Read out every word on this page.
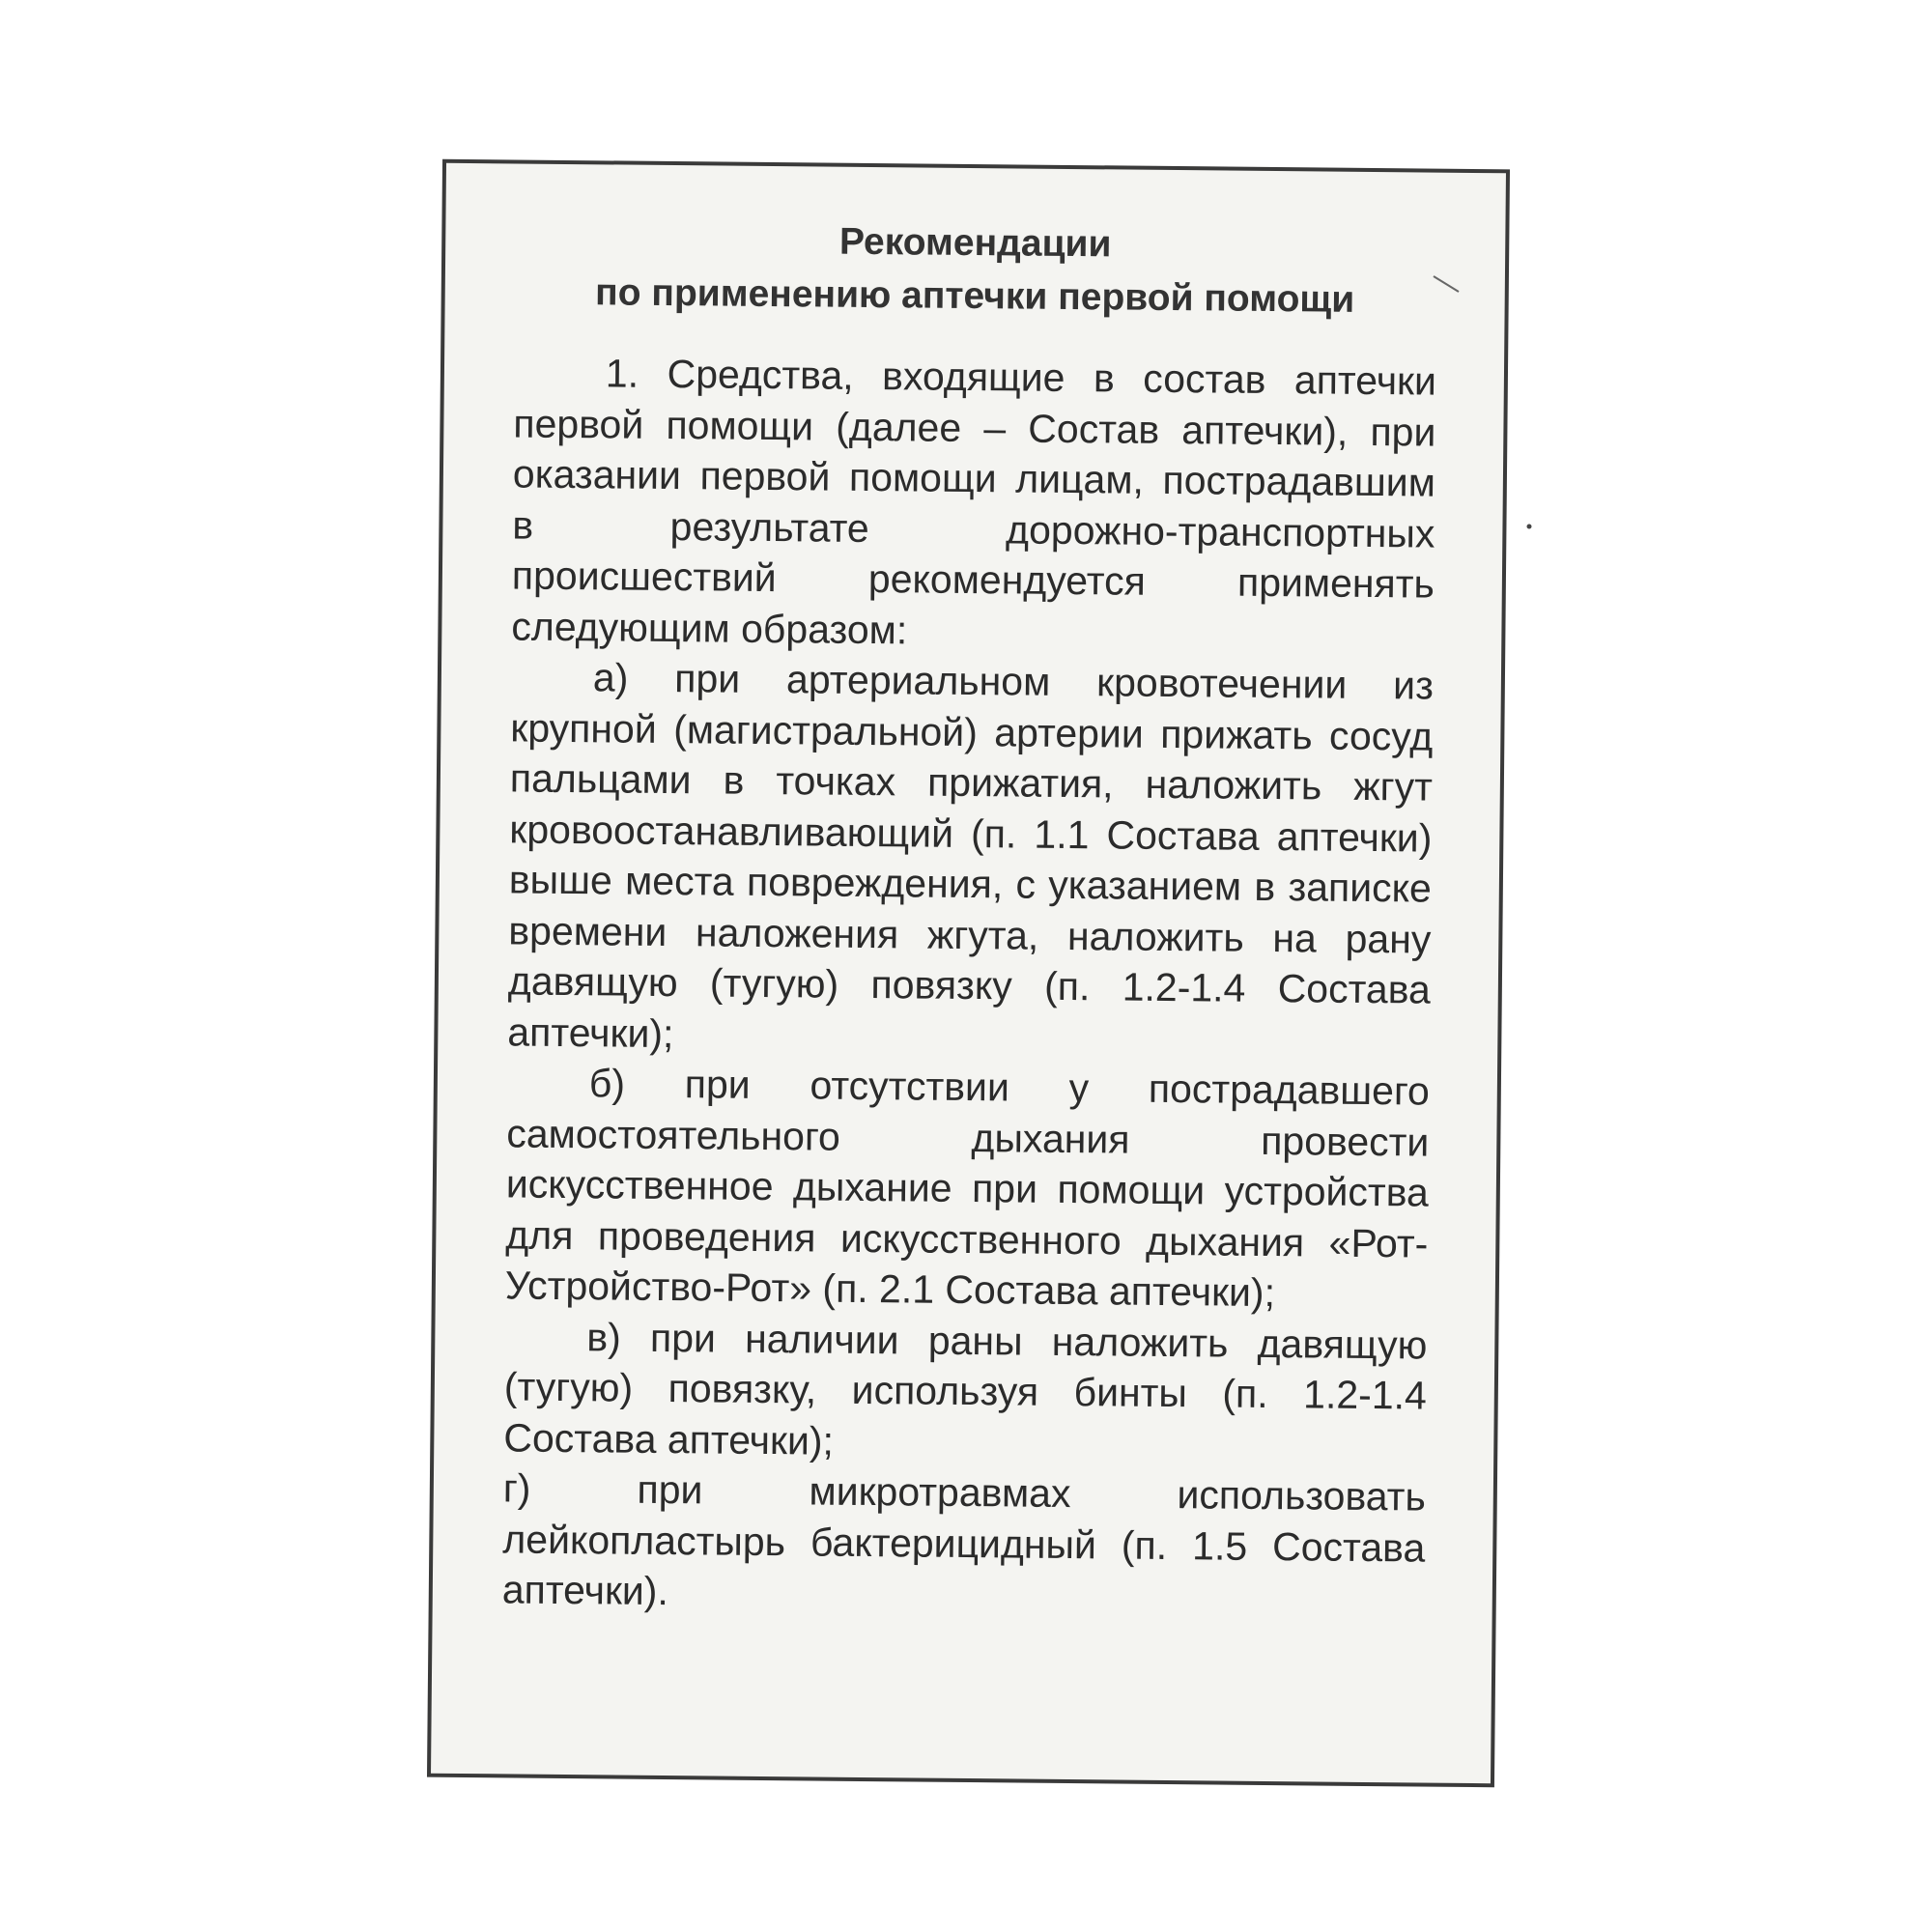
Рекомендации
по применению аптечки первой помощи

1. Средства, входящие в состав аптечки первой помощи (далее – Состав аптечки), при оказании первой помощи лицам, пострадавшим в результате дорожно-транспортных происшествий рекомендуется применять следующим образом:

а) при артериальном кровотечении из крупной (магистральной) артерии прижать сосуд пальцами в точках прижатия, наложить жгут кровоостанавливающий (п. 1.1 Состава аптечки) выше места повреждения, с указанием в записке времени наложения жгута, наложить на рану давящую (тугую) повязку (п. 1.2-1.4 Состава аптечки);

б) при отсутствии у пострадавшего самостоятельного дыхания провести искусственное дыхание при помощи устройства для проведения искусственного дыхания «Рот-Устройство-Рот» (п. 2.1 Состава аптечки);

в) при наличии раны наложить давящую (тугую) повязку, используя бинты (п. 1.2-1.4 Состава аптечки);

г) при микротравмах использовать лейкопластырь бактерицидный (п. 1.5 Состава аптечки).
